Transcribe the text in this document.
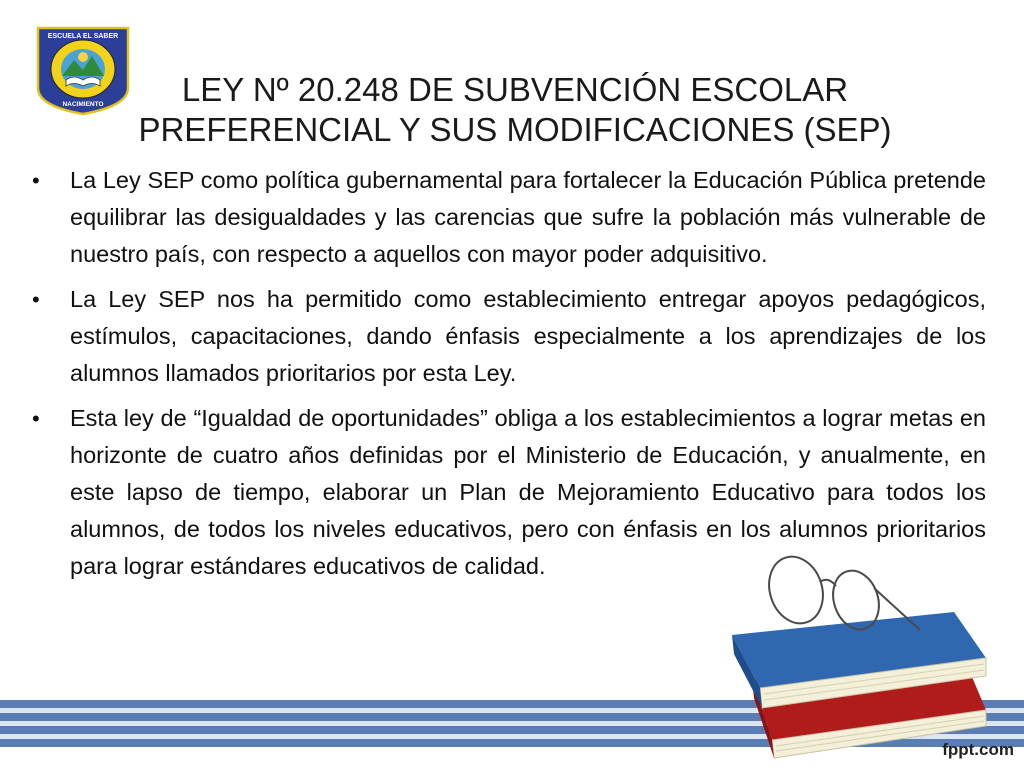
ESCUELA EL SABER
NACIMIENTO	LEY Nº 20.248 DE SUBVENCIÓN ESCOLAR
PREFERENCIAL Y SUS MODIFICACIONES (SEP)
• La Ley SEP como política gubernamental para fortalecer la Educación Pública pretende equilibrar las desigualdades y las carencias que sufre la población más vulnerable de nuestro país, con respecto a aquellos con mayor poder adquisitivo.
• La Ley SEP nos ha permitido como establecimiento entregar apoyos pedagógicos, estímulos, capacitaciones, dando énfasis especialmente a los aprendizajes de los alumnos llamados prioritarios por esta Ley.
• Esta ley de “Igualdad de oportunidades” obliga a los establecimientos a lograr metas en horizonte de cuatro años definidas por el Ministerio de Educación, y anualmente, en este lapso de tiempo, elaborar un Plan de Mejoramiento Educativo para todos los alumnos, de todos los niveles educativos, pero con énfasis en los alumnos prioritarios para lograr estándares educativos de calidad.
fppt.com
